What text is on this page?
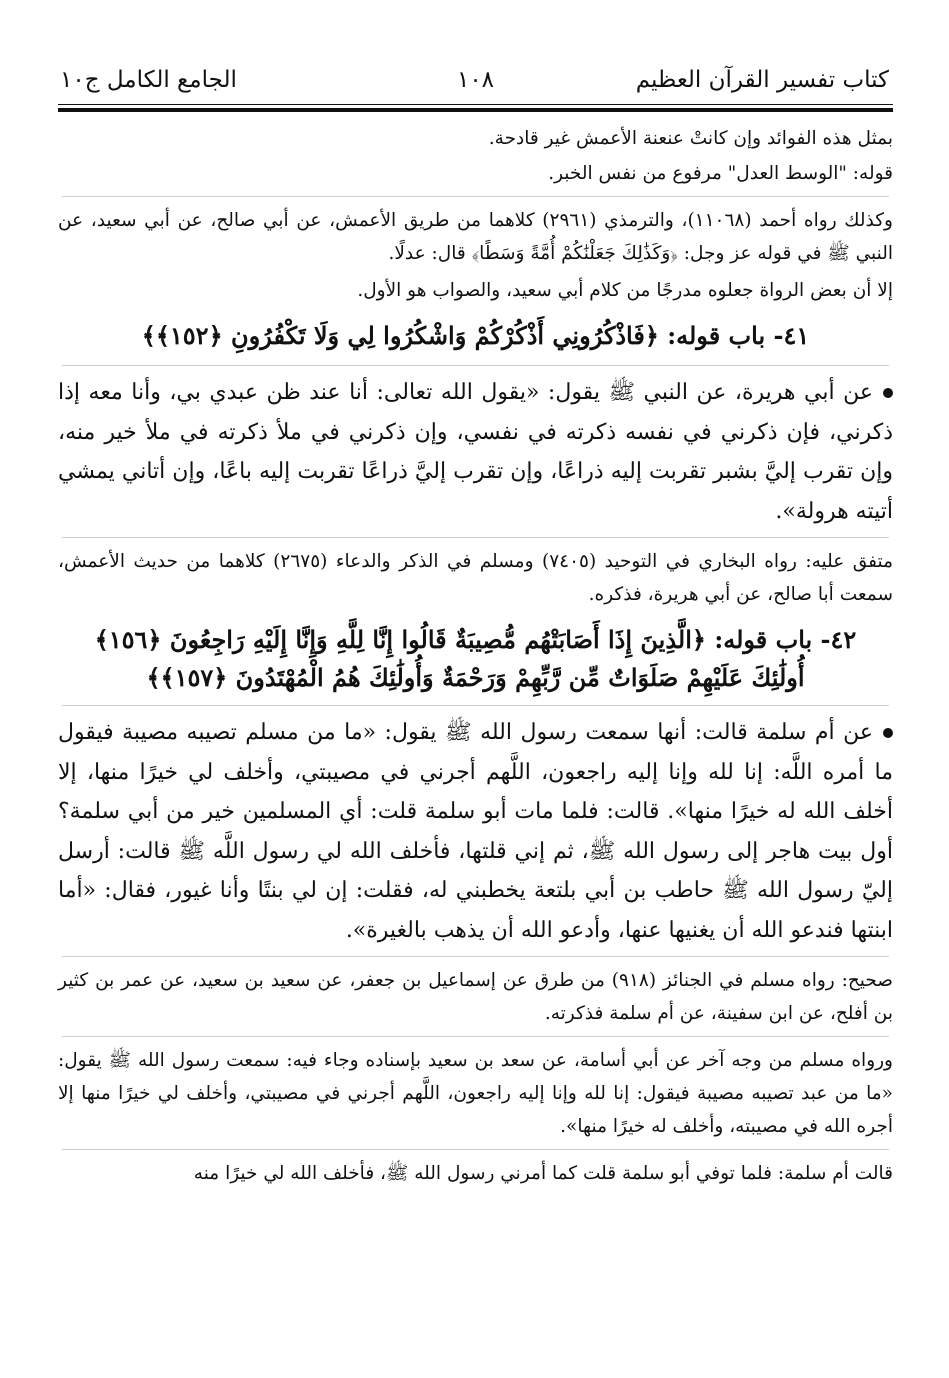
كتاب تفسير القرآن العظيم
١٠٨
الجامع الكامل ج١٠

بمثل هذه الفوائد وإن كانتْ عنعنة الأعمش غير قادحة.

قوله: "الوسط العدل" مرفوع من نفس الخبر.

وكذلك رواه أحمد (١١٠٦٨)، والترمذي (٢٩٦١) كلاهما من طريق الأعمش، عن أبي صالح، عن أبي سعيد، عن النبي ﷺ في قوله عز وجل: ﴿وَكَذَٰلِكَ جَعَلْنَٰكُمْ أُمَّةً وَسَطًا﴾ قال: عدلًا.

إلا أن بعض الرواة جعلوه مدرجًا من كلام أبي سعيد، والصواب هو الأول.

٤١- باب قوله: ﴿فَاذْكُرُونِي أَذْكُرْكُمْ وَاشْكُرُوا لِي وَلَا تَكْفُرُونِ ﴿١٥٢﴾﴾

عن أبي هريرة، عن النبي ﷺ يقول: «يقول الله تعالى: أنا عند ظن عبدي بي، وأنا معه إذا ذكرني، فإن ذكرني في نفسه ذكرته في نفسي، وإن ذكرني في ملأ ذكرته في ملأ خير منه، وإن تقرب إليَّ بشبر تقربت إليه ذراعًا، وإن تقرب إليَّ ذراعًا تقربت إليه باعًا، وإن أتاني يمشي أتيته هرولة».

متفق عليه: رواه البخاري في التوحيد (٧٤٠٥) ومسلم في الذكر والدعاء (٢٦٧٥) كلاهما من حديث الأعمش، سمعت أبا صالح، عن أبي هريرة، فذكره.

٤٢- باب قوله: ﴿الَّذِينَ إِذَا أَصَابَتْهُم مُّصِيبَةٌ قَالُوا إِنَّا لِلَّهِ وَإِنَّا إِلَيْهِ رَاجِعُونَ ﴿١٥٦﴾
أُولَٰئِكَ عَلَيْهِمْ صَلَوَاتٌ مِّن رَّبِّهِمْ وَرَحْمَةٌ وَأُولَٰئِكَ هُمُ الْمُهْتَدُونَ ﴿١٥٧﴾﴾

عن أم سلمة قالت: أنها سمعت رسول الله ﷺ يقول: «ما من مسلم تصيبه مصيبة فيقول ما أمره اللَّه: إنا لله وإنا إليه راجعون، اللَّهم أجرني في مصيبتي، وأخلف لي خيرًا منها، إلا أخلف الله له خيرًا منها». قالت: فلما مات أبو سلمة قلت: أي المسلمين خير من أبي سلمة؟ أول بيت هاجر إلى رسول الله ﷺ، ثم إني قلتها، فأخلف الله لي رسول اللَّه ﷺ قالت: أرسل إليّ رسول الله ﷺ حاطب بن أبي بلتعة يخطبني له، فقلت: إن لي بنتًا وأنا غيور، فقال: «أما ابنتها فندعو الله أن يغنيها عنها، وأدعو الله أن يذهب بالغيرة».

صحيح: رواه مسلم في الجنائز (٩١٨) من طرق عن إسماعيل بن جعفر، عن سعيد بن سعيد، عن عمر بن كثير بن أفلح، عن ابن سفينة، عن أم سلمة فذكرته.

ورواه مسلم من وجه آخر عن أبي أسامة، عن سعد بن سعيد بإسناده وجاء فيه: سمعت رسول الله ﷺ يقول: «ما من عبد تصيبه مصيبة فيقول: إنا لله وإنا إليه راجعون، اللَّهم أجرني في مصيبتي، وأخلف لي خيرًا منها إلا أجره الله في مصيبته، وأخلف له خيرًا منها».

قالت أم سلمة: فلما توفي أبو سلمة قلت كما أمرني رسول الله ﷺ، فأخلف الله لي خيرًا منه
